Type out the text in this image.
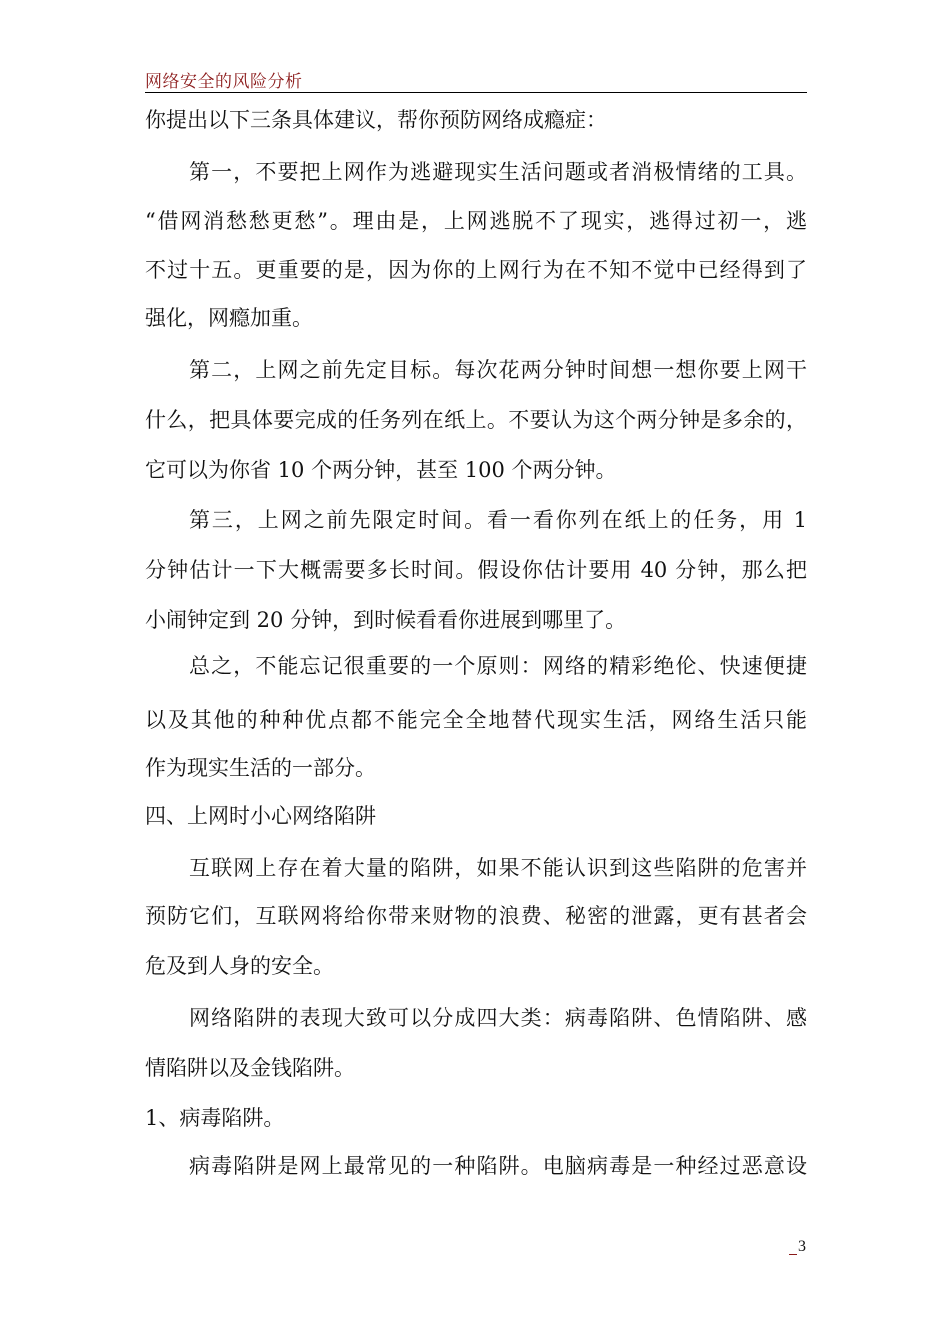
网络安全的风险分析
你提出以下三条具体建议，帮你预防网络成瘾症：
第一，不要把上网作为逃避现实生活问题或者消极情绪的工具。
“借网消愁愁更愁”。理由是，上网逃脱不了现实，逃得过初一，逃
不过十五。更重要的是，因为你的上网行为在不知不觉中已经得到了
强化，网瘾加重。
第二，上网之前先定目标。每次花两分钟时间想一想你要上网干
什么，把具体要完成的任务列在纸上。不要认为这个两分钟是多余的，
它可以为你省 10 个两分钟，甚至 100 个两分钟。
第三，上网之前先限定时间。看一看你列在纸上的任务，用 1
分钟估计一下大概需要多长时间。假设你估计要用 40 分钟，那么把
小闹钟定到 20 分钟，到时候看看你进展到哪里了。
总之，不能忘记很重要的一个原则：网络的精彩绝伦、快速便捷
以及其他的种种优点都不能完全全地替代现实生活，网络生活只能
作为现实生活的一部分。
四、上网时小心网络陷阱
互联网上存在着大量的陷阱，如果不能认识到这些陷阱的危害并
预防它们，互联网将给你带来财物的浪费、秘密的泄露，更有甚者会
危及到人身的安全。
网络陷阱的表现大致可以分成四大类：病毒陷阱、色情陷阱、感
情陷阱以及金钱陷阱。
1、病毒陷阱。
病毒陷阱是网上最常见的一种陷阱。电脑病毒是一种经过恶意设
3
